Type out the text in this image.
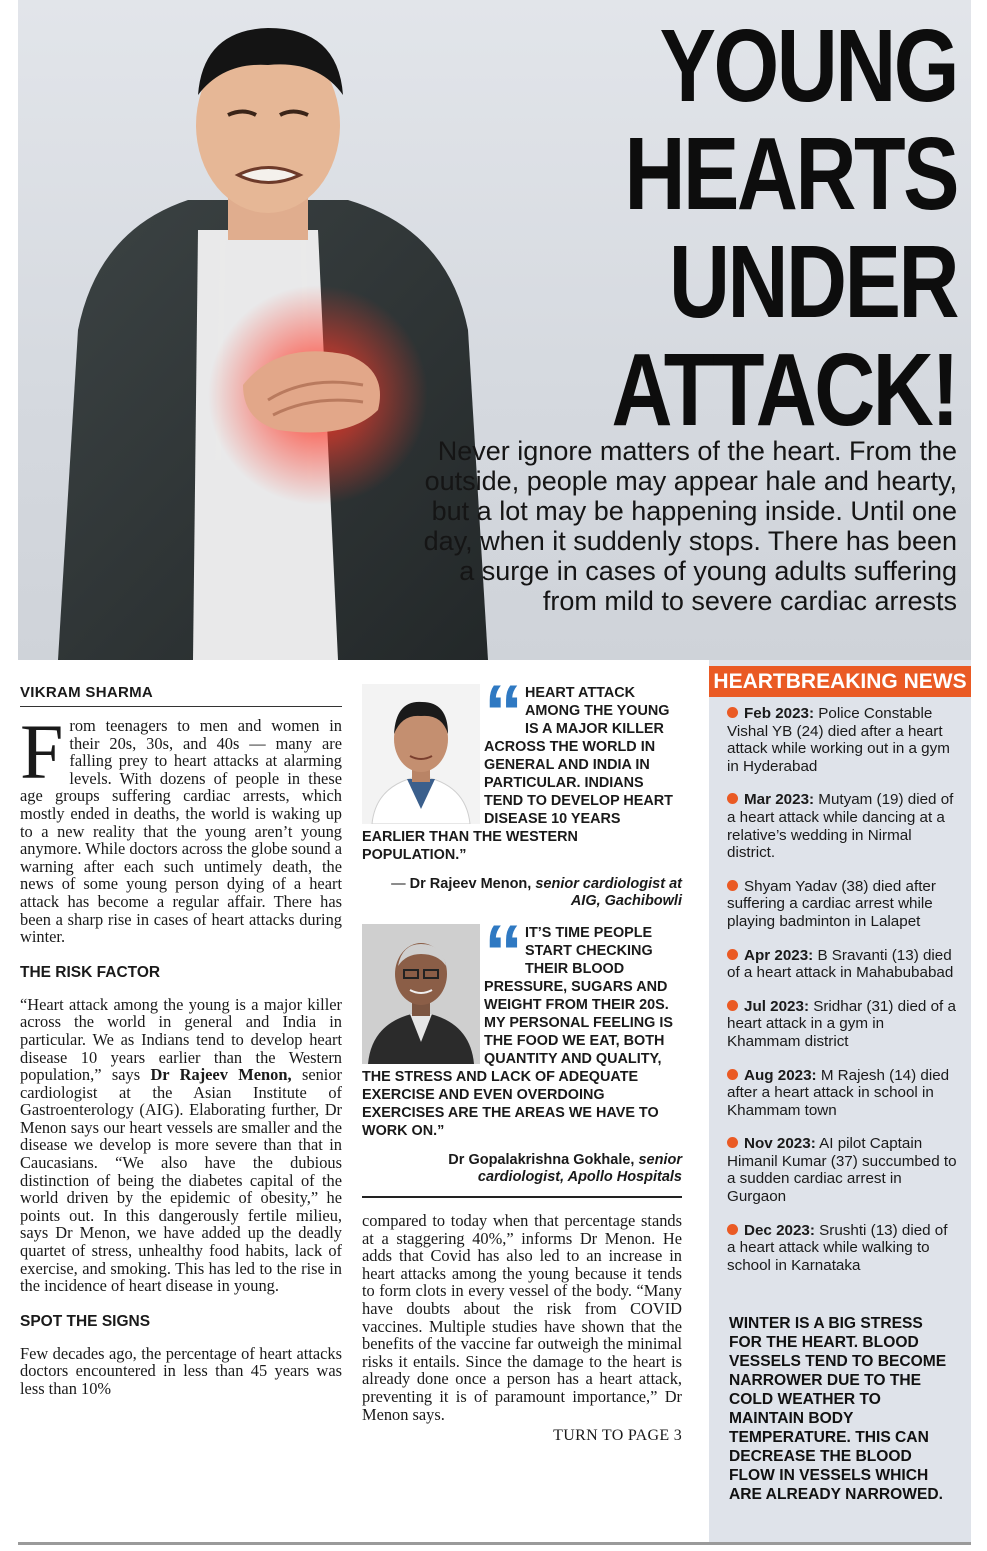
YOUNG
HEARTS
UNDER
ATTACK!
Never ignore matters of the heart. From the outside, people may appear hale and hearty, but a lot may be happening inside. Until one day, when it suddenly stops. There has been a surge in cases of young adults suffering from mild to severe cardiac arrests
VIKRAM SHARMA

From teenagers to men and women in their 20s, 30s, and 40s — many are falling prey to heart attacks at alarming levels. With dozens of people in these age groups suffering cardiac arrests, which mostly ended in deaths, the world is waking up to a new reality that the young aren’t young anymore. While doctors across the globe sound a warning after each such untimely death, the news of some young person dying of a heart attack has become a regular affair. There has been a sharp rise in cases of heart attacks during winter.

THE RISK FACTOR

“Heart attack among the young is a major killer across the world in general and India in particular. We as Indians tend to develop heart disease 10 years earlier than the Western population,” says Dr Rajeev Menon, senior cardiologist at the Asian Institute of Gastroenterology (AIG). Elaborating further, Dr Menon says our heart vessels are smaller and the disease we develop is more severe than that in Caucasians. “We also have the dubious distinction of being the diabetes capital of the world driven by the epidemic of obesity,” he points out. In this dangerously fertile milieu, says Dr Menon, we have added up the deadly quartet of stress, unhealthy food habits, lack of exercise, and smoking. This has led to the rise in the incidence of heart disease in young.

SPOT THE SIGNS

Few decades ago, the percentage of heart attacks doctors encountered in less than 45 years was less than 10%

“ HEART ATTACK AMONG THE YOUNG IS A MAJOR KILLER ACROSS THE WORLD IN GENERAL AND INDIA IN PARTICULAR. INDIANS TEND TO DEVELOP HEART DISEASE 10 YEARS EARLIER THAN THE WESTERN POPULATION.”
— Dr Rajeev Menon, senior cardiologist at AIG, Gachibowli
“ IT’S TIME PEOPLE START CHECKING THEIR BLOOD PRESSURE, SUGARS AND WEIGHT FROM THEIR 20S. MY PERSONAL FEELING IS THE FOOD WE EAT, BOTH QUANTITY AND QUALITY, THE STRESS AND LACK OF ADEQUATE EXERCISE AND EVEN OVERDOING EXERCISES ARE THE AREAS WE HAVE TO WORK ON.”
Dr Gopalakrishna Gokhale, senior cardiologist, Apollo Hospitals

compared to today when that percentage stands at a staggering 40%,” informs Dr Menon. He adds that Covid has also led to an increase in heart attacks among the young because it tends to form clots in every vessel of the body. “Many have doubts about the risk from COVID vaccines. Multiple studies have shown that the benefits of the vaccine far outweigh the minimal risks it entails. Since the damage to the heart is already done once a person has a heart attack, preventing it is of paramount importance,” Dr Menon says.

TURN TO PAGE 3
HEARTBREAKING NEWS
Feb 2023: Police Constable Vishal YB (24) died after a heart attack while working out in a gym in Hyderabad
Mar 2023: Mutyam (19) died of a heart attack while dancing at a relative’s wedding in Nirmal district.
Shyam Yadav (38) died after suffering a cardiac arrest while playing badminton in Lalapet
Apr 2023: B Sravanti (13) died of a heart attack in Mahabubabad
Jul 2023: Sridhar (31) died of a heart attack in a gym in Khammam district
Aug 2023: M Rajesh (14) died after a heart attack in school in Khammam town
Nov 2023: AI pilot Captain Himanil Kumar (37) succumbed to a sudden cardiac arrest in Gurgaon
Dec 2023: Srushti (13) died of a heart attack while walking to school in Karnataka
WINTER IS A BIG STRESS FOR THE HEART. BLOOD VESSELS TEND TO BECOME NARROWER DUE TO THE COLD WEATHER TO MAINTAIN BODY TEMPERATURE. THIS CAN DECREASE THE BLOOD FLOW IN VESSELS WHICH ARE ALREADY NARROWED.
